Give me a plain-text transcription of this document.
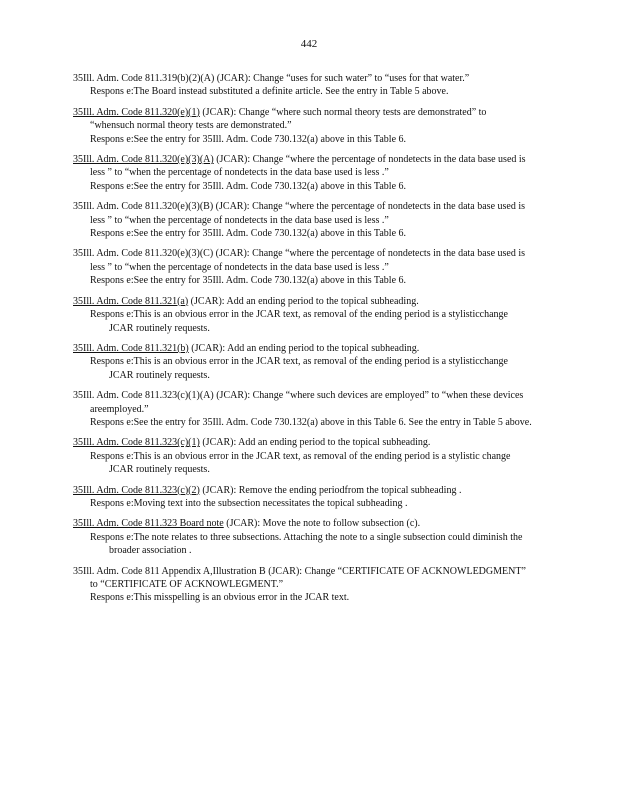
442

35Ill. Adm. Code 811.319(b)(2)(A) (JCAR): Change “uses for such water” to “uses for that water.”

Respons e:The Board instead substituted a definite article. See the entry in Table 5 above.

35Ill. Adm. Code 811.320(e)(1) (JCAR): Change “where such normal theory tests are demonstrated” to “whensuch normal theory tests are demonstrated.”

Respons e:See the entry for 35Ill. Adm. Code 730.132(a) above in this Table 6.

35Ill. Adm. Code 811.320(e)(3)(A) (JCAR): Change “where the percentage of nondetects in the data base used is less ” to “when the percentage of nondetects in the data base used is less .”

Respons e:See the entry for 35Ill. Adm. Code 730.132(a) above in this Table 6.

35Ill. Adm. Code 811.320(e)(3)(B) (JCAR): Change “where the percentage of nondetects in the data base used is less ” to “when the percentage of nondetects in the data base used is less .”

Respons e:See the entry for 35Ill. Adm. Code 730.132(a) above in this Table 6.

35Ill. Adm. Code 811.320(e)(3)(C) (JCAR): Change “where the percentage of nondetects in the data base used is less ” to “when the percentage of nondetects in the data base used is less .”

Respons e:See the entry for 35Ill. Adm. Code 730.132(a) above in this Table 6.

35Ill. Adm. Code 811.321(a) (JCAR): Add an ending period to the topical subheading.

Respons e:This is an obvious error in the JCAR text, as removal of the ending period is a stylisticchange JCAR routinely requests.

35Ill. Adm. Code 811.321(b) (JCAR): Add an ending period to the topical subheading.

Respons e:This is an obvious error in the JCAR text, as removal of the ending period is a stylisticchange JCAR routinely requests.

35Ill. Adm. Code 811.323(c)(1)(A) (JCAR): Change “where such devices are employed” to “when these devices areemployed.”

Respons e:See the entry for 35Ill. Adm. Code 730.132(a) above in this Table 6. See the entry in Table 5 above.

35Ill. Adm. Code 811.323(c)(1) (JCAR): Add an ending period to the topical subheading.

Respons e:This is an obvious error in the JCAR text, as removal of the ending period is a stylistic change JCAR routinely requests.

35Ill. Adm. Code 811.323(c)(2) (JCAR): Remove the ending periodfrom the topical subheading .

Respons e:Moving text into the subsection necessitates the topical subheading .

35Ill. Adm. Code 811.323 Board note (JCAR): Move the note to follow subsection (c).

Respons e:The note relates to three subsections. Attaching the note to a single subsection could diminish the broader association .

35Ill. Adm. Code 811 Appendix A,Illustration B (JCAR): Change “CERTIFICATE OF ACKNOWLEDGMENT” to “CERTIFICATE OF ACKNOWLEGMENT.”

Respons e:This misspelling is an obvious error in the JCAR text.
